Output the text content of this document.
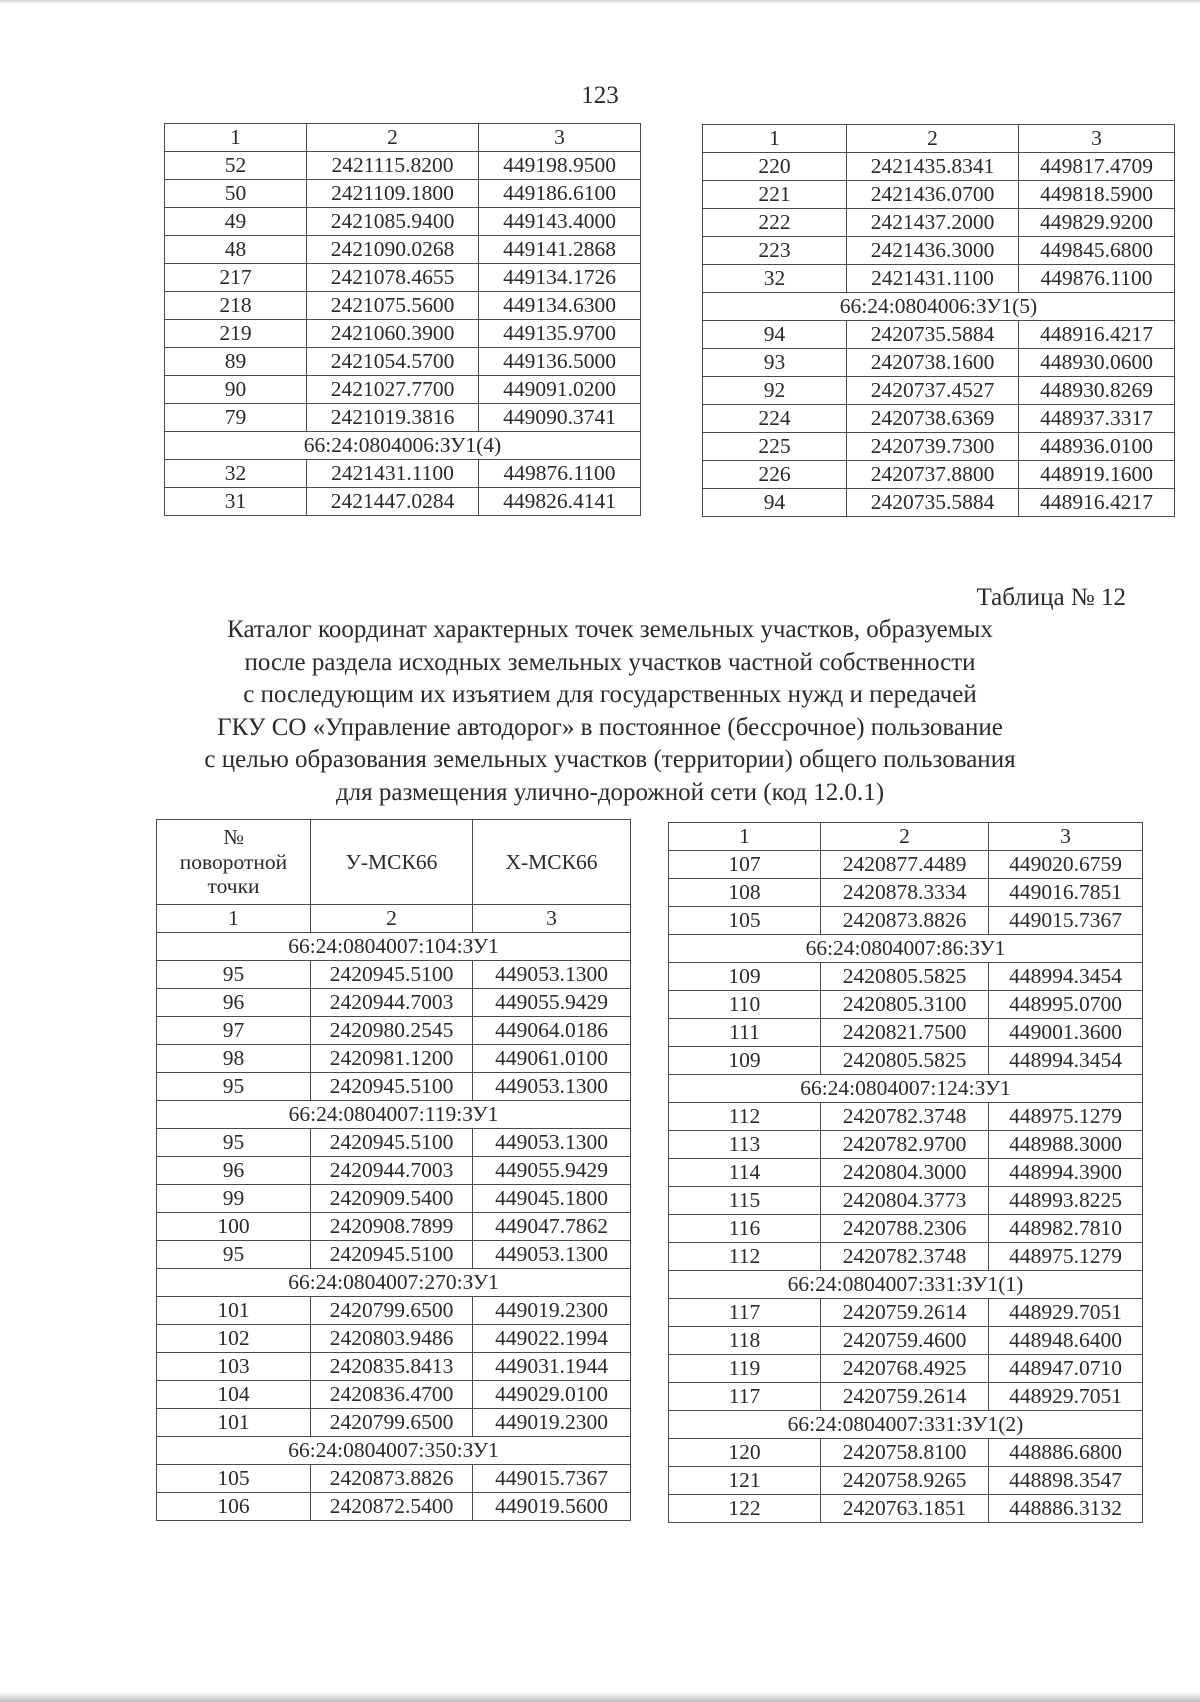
123
1	2	3
52	2421115.8200	449198.9500
50	2421109.1800	449186.6100
49	2421085.9400	449143.4000
48	2421090.0268	449141.2868
217	2421078.4655	449134.1726
218	2421075.5600	449134.6300
219	2421060.3900	449135.9700
89	2421054.5700	449136.5000
90	2421027.7700	449091.0200
79	2421019.3816	449090.3741
66:24:0804006:ЗУ1(4)		
32	2421431.1100	449876.1100
31	2421447.0284	449826.4141
1	2	3
220	2421435.8341	449817.4709
221	2421436.0700	449818.5900
222	2421437.2000	449829.9200
223	2421436.3000	449845.6800
32	2421431.1100	449876.1100
66:24:0804006:ЗУ1(5)		
94	2420735.5884	448916.4217
93	2420738.1600	448930.0600
92	2420737.4527	448930.8269
224	2420738.6369	448937.3317
225	2420739.7300	448936.0100
226	2420737.8800	448919.1600
94	2420735.5884	448916.4217
Таблица № 12
Каталог координат характерных точек земельных участков, образуемых
после раздела исходных земельных участков частной собственности
с последующим их изъятием для государственных нужд и передачей
ГКУ СО «Управление автодорог» в постоянное (бессрочное) пользование
с целью образования земельных участков (территории) общего пользования
для размещения улично-дорожной сети (код 12.0.1)
№
поворотной
точки	У-МСК66	Х-МСК66
1	2	3
66:24:0804007:104:ЗУ1		
95	2420945.5100	449053.1300
96	2420944.7003	449055.9429
97	2420980.2545	449064.0186
98	2420981.1200	449061.0100
95	2420945.5100	449053.1300
66:24:0804007:119:ЗУ1		
95	2420945.5100	449053.1300
96	2420944.7003	449055.9429
99	2420909.5400	449045.1800
100	2420908.7899	449047.7862
95	2420945.5100	449053.1300
66:24:0804007:270:ЗУ1		
101	2420799.6500	449019.2300
102	2420803.9486	449022.1994
103	2420835.8413	449031.1944
104	2420836.4700	449029.0100
101	2420799.6500	449019.2300
66:24:0804007:350:ЗУ1		
105	2420873.8826	449015.7367
106	2420872.5400	449019.5600
1	2	3
107	2420877.4489	449020.6759
108	2420878.3334	449016.7851
105	2420873.8826	449015.7367
66:24:0804007:86:ЗУ1		
109	2420805.5825	448994.3454
110	2420805.3100	448995.0700
111	2420821.7500	449001.3600
109	2420805.5825	448994.3454
66:24:0804007:124:ЗУ1		
112	2420782.3748	448975.1279
113	2420782.9700	448988.3000
114	2420804.3000	448994.3900
115	2420804.3773	448993.8225
116	2420788.2306	448982.7810
112	2420782.3748	448975.1279
66:24:0804007:331:ЗУ1(1)		
117	2420759.2614	448929.7051
118	2420759.4600	448948.6400
119	2420768.4925	448947.0710
117	2420759.2614	448929.7051
66:24:0804007:331:ЗУ1(2)		
120	2420758.8100	448886.6800
121	2420758.9265	448898.3547
122	2420763.1851	448886.3132
